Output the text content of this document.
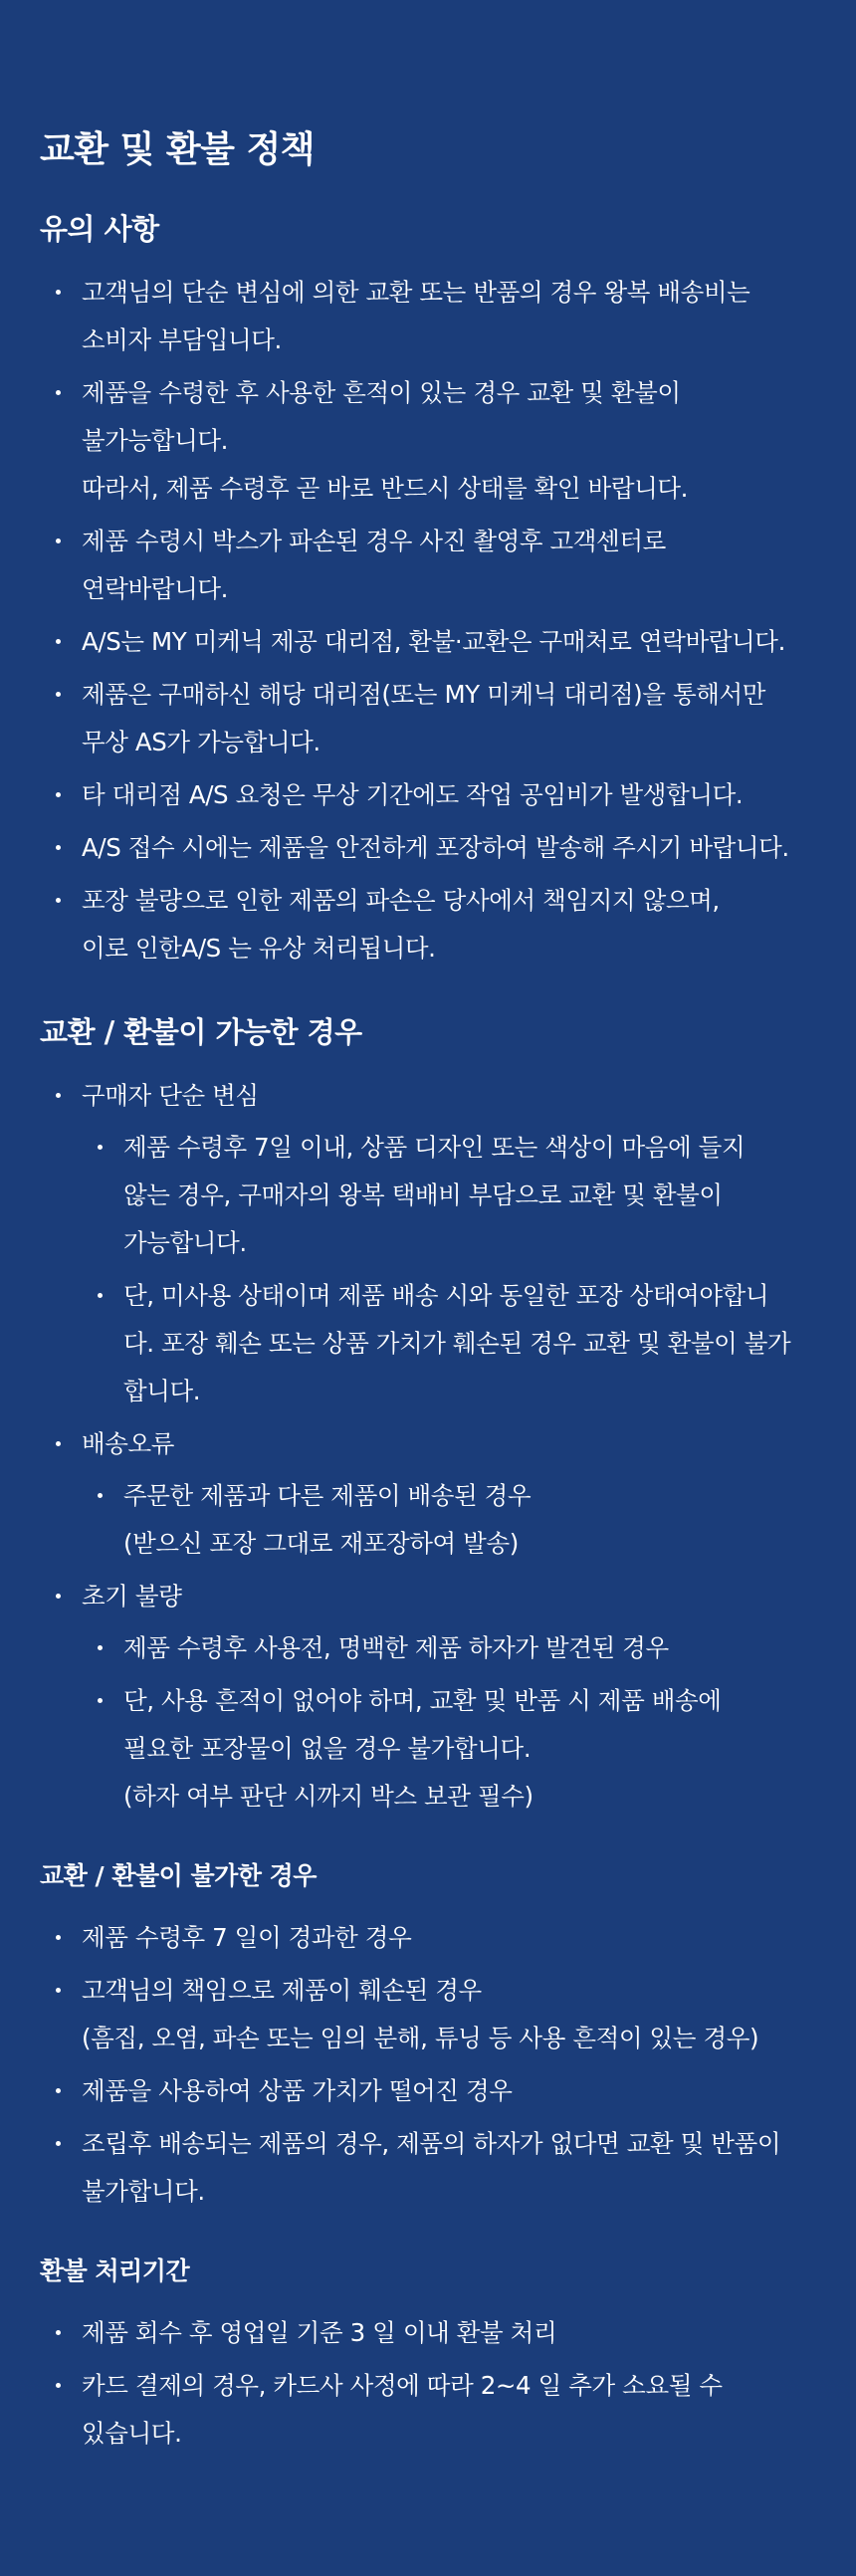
교환 및 환불 정책
유의 사항
고객님의 단순 변심에 의한 교환 또는 반품의 경우 왕복 배송비는
소비자 부담입니다.
제품을 수령한 후 사용한 흔적이 있는 경우 교환 및 환불이
불가능합니다.
따라서, 제품 수령후 곧 바로 반드시 상태를 확인 바랍니다.
제품 수령시 박스가 파손된 경우 사진 촬영후 고객센터로
연락바랍니다.
A/S는 MY 미케닉 제공 대리점, 환불·교환은 구매처로 연락바랍니다.
제품은 구매하신 해당 대리점(또는 MY 미케닉 대리점)을 통해서만
무상 AS가 가능합니다.
타 대리점 A/S 요청은 무상 기간에도 작업 공임비가 발생합니다.
A/S 접수 시에는 제품을 안전하게 포장하여 발송해 주시기 바랍니다.
포장 불량으로 인한 제품의 파손은 당사에서 책임지지 않으며,
이로 인한A/S 는 유상 처리됩니다.
교환 / 환불이 가능한 경우
구매자 단순 변심
제품 수령후 7일 이내, 상품 디자인 또는 색상이 마음에 들지
않는 경우, 구매자의 왕복 택배비 부담으로 교환 및 환불이
가능합니다.
단, 미사용 상태이며 제품 배송 시와 동일한 포장 상태여야합니
다. 포장 훼손 또는 상품 가치가 훼손된 경우 교환 및 환불이 불가
합니다.
배송오류
주문한 제품과 다른 제품이 배송된 경우
(받으신 포장 그대로 재포장하여 발송)
초기 불량
제품 수령후 사용전, 명백한 제품 하자가 발견된 경우
단, 사용 흔적이 없어야 하며, 교환 및 반품 시 제품 배송에
필요한 포장물이 없을 경우 불가합니다.
(하자 여부 판단 시까지 박스 보관 필수)
교환 / 환불이 불가한 경우
제품 수령후 7 일이 경과한 경우
고객님의 책임으로 제품이 훼손된 경우
(흠집, 오염, 파손 또는 임의 분해, 튜닝 등 사용 흔적이 있는 경우)
제품을 사용하여 상품 가치가 떨어진 경우
조립후 배송되는 제품의 경우, 제품의 하자가 없다면 교환 및 반품이
불가합니다.
환불 처리기간
제품 회수 후 영업일 기준 3 일 이내 환불 처리
카드 결제의 경우, 카드사 사정에 따라 2~4 일 추가 소요될 수
있습니다.
